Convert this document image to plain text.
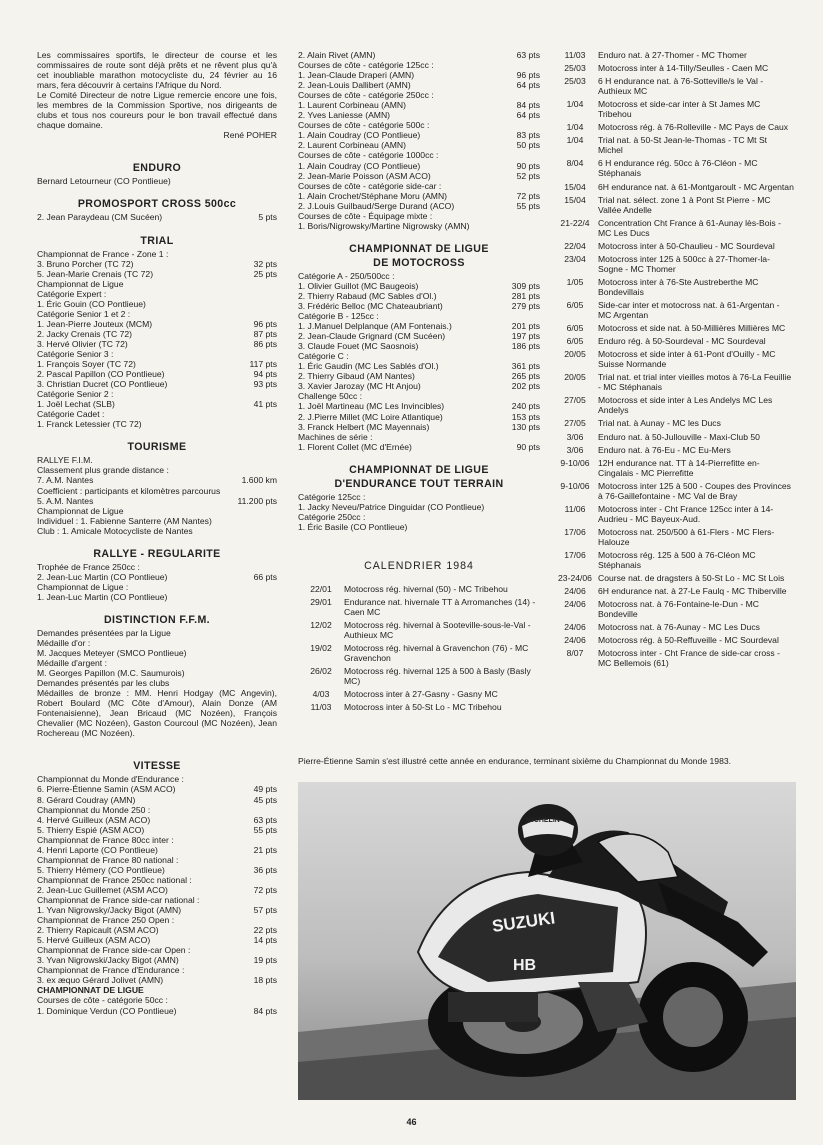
Les commissaires sportifs, le directeur de course et les commissaires de route sont déjà prêts et ne rêvent plus qu'à cet inoubliable marathon motocycliste du, 24 février au 16 mars, fera découvrir à certains l'Afrique du Nord.

Le Comité Directeur de notre Ligue remercie encore une fois, les membres de la Commission Sportive, nos dirigeants de clubs et tous nos coureurs pour le bon travail effectué dans chaque domaine.

René POHER

ENDURO
Bernard Letourneur (CO Pontlieue)
PROMOSPORT CROSS 500cc
2. Jean Paraydeau (CM Sucéen)	5 pts
TRIAL
Championnat de France - Zone 1 :
3. Bruno Porcher (TC 72)	32 pts
5. Jean-Marie Crenais (TC 72)	25 pts
Championnat de Ligue
Catégorie Expert :
1. Éric Gouin (CO Pontlieue)
Catégorie Senior 1 et 2 :
1. Jean-Pierre Jouteux (MCM)	96 pts
2. Jacky Crenais (TC 72)	87 pts
3. Hervé Olivier (TC 72)	86 pts
Catégorie Senior 3 :
1. François Soyer (TC 72)	117 pts
2. Pascal Papillon (CO Pontlieue)	94 pts
3. Christian Ducret (CO Pontlieue)	93 pts
Catégorie Senior 2 :
1. Joël Lechat (SLB)	41 pts
Catégorie Cadet :
1. Franck Letessier (TC 72)
TOURISME
RALLYE F.I.M.
Classement plus grande distance :
7. A.M. Nantes	1.600 km
Coefficient : participants et kilomètres parcourus
5. A.M. Nantes	11.200 pts
Championnat de Ligue
Individuel : 1. Fabienne Santerre (AM Nantes)
Club : 1. Amicale Motocycliste de Nantes
RALLYE - REGULARITE
Trophée de France 250cc :
2. Jean-Luc Martin (CO Pontlieue)	66 pts
Championnat de Ligue :
1. Jean-Luc Martin (CO Pontlieue)
DISTINCTION F.F.M.
Demandes présentées par la Ligue
Médaille d'or :
M. Jacques Meteyer (SMCO Pontlieue)
Médaille d'argent :
M. Georges Papillon (M.C. Saumurois)
Demandes présentés par les clubs

Médailles de bronze : MM. Henri Hodgay (MC Angevin), Robert Boulard (MC Côte d'Amour), Alain Donze (AM Fontenaisienne), Jean Bricaud (MC Nozéen), François Chevalier (MC Nozéen), Gaston Courcoul (MC Nozéen), Jean Rochereau (MC Nozéen).

VITESSE
Championnat du Monde d'Endurance :
6. Pierre-Étienne Samin (ASM ACO)	49 pts
8. Gérard Coudray (AMN)	45 pts
Championnat du Monde 250 :
4. Hervé Guilleux (ASM ACO)	63 pts
5. Thierry Espié (ASM ACO)	55 pts
Championnat de France 80cc inter :
4. Henri Laporte (CO Pontlieue)	21 pts
Championnat de France 80 national :
5. Thierry Hémery (CO Pontlieue)	36 pts
Championnat de France 250cc national :
2. Jean-Luc Guillemet (ASM ACO)	72 pts
Championnat de France side-car national :
1. Yvan Nigrowsky/Jacky Bigot (AMN)	57 pts
Championnat de France 250 Open :
2. Thierry Rapicault (ASM ACO)	22 pts
5. Hervé Guilleux (ASM ACO)	14 pts
Championnat de France side-car Open :
3. Yvan Nigrowski/Jacky Bigot (AMN)	19 pts
Championnat de France d'Endurance :
3. ex æquo Gérard Jolivet (AMN)	18 pts
CHAMPIONNAT DE LIGUE
Courses de côte - catégorie 50cc :
1. Dominique Verdun (CO Pontlieue)	84 pts
2. Alain Rivet (AMN)	63 pts
Courses de côte - catégorie 125cc :
1. Jean-Claude Draperi (AMN)	96 pts
2. Jean-Louis Dallibert (AMN)	64 pts
Courses de côte - catégorie 250cc :
1. Laurent Corbineau (AMN)	84 pts
2. Yves Laniesse (AMN)	64 pts
Courses de côte - catégorie 500c :
1. Alain Coudray (CO Pontlieue)	83 pts
2. Laurent Corbineau (AMN)	50 pts
Courses de côte - catégorie 1000cc :
1. Alain Coudray (CO Pontlieue)	90 pts
2. Jean-Marie Poisson (ASM ACO)	52 pts
Courses de côte - catégorie side-car :
1. Alain Crochet/Stéphane Moru (AMN)	72 pts
2. J.Louis Guilbaud/Serge Durand (ACO)	55 pts
Courses de côte - Équipage mixte :
1. Boris/Nigrowsky/Martine Nigrowsky (AMN)
CHAMPIONNAT DE LIGUE
DE MOTOCROSS
Catégorie A - 250/500cc :
1. Olivier Guillot (MC Baugeois)	309 pts
2. Thierry Rabaud (MC Sables d'Ol.)	281 pts
3. Frédéric Belloc (MC Chateaubriant)	279 pts
Catégorie B - 125cc :
1. J.Manuel Delplanque (AM Fontenais.)	201 pts
2. Jean-Claude Grignard (CM Sucéen)	197 pts
3. Claude Fouet (MC Saosnois)	186 pts
Catégorie C :
1. Éric Gaudin (MC Les Sablés d'Ol.)	361 pts
2. Thierry Gibaud (AM Nantes)	265 pts
3. Xavier Jarozay (MC Ht Anjou)	202 pts
Challenge 50cc :
1. Joël Martineau (MC Les Invincibles)	240 pts
2. J.Pierre Millet (MC Loire Atlantique)	153 pts
3. Franck Helbert (MC Mayennais)	130 pts
Machines de série :
1. Florent Collet (MC d'Ernée)	90 pts
CHAMPIONNAT DE LIGUE
D'ENDURANCE TOUT TERRAIN
Catégorie 125cc :
1. Jacky Neveu/Patrice Dinguidar (CO Pontlieue)
Catégorie 250cc :
1. Éric Basile (CO Pontlieue)
CALENDRIER 1984
22/01	Motocross rég. hivernal (50) - MC Tribehou
29/01	Endurance nat. hivernale TT à Arromanches (14) - Caen MC
12/02	Motocross rég. hivernal à Sooteville-sous-le-Val - Authieux MC
19/02	Motocross rég. hivernal à Gravenchon (76) - MC Gravenchon
26/02	Motocross rég. hivernal 125 à 500 à Basly (Basly MC)
4/03	Motocross inter à 27-Gasny - Gasny MC
11/03	Motocross inter à 50-St Lo - MC Tribehou
11/03	Enduro nat. à 27-Thomer - MC Thomer
25/03	Motocross inter à 14-Tilly/Seulles - Caen MC
25/03	6 H endurance nat. à 76-Sotteville/s le Val - Authieux MC
1/04	Motocross et side-car inter à St James MC Tribehou
1/04	Motocross rég. à 76-Rolleville - MC Pays de Caux
1/04	Trial nat. à 50-St Jean-le-Thomas - TC Mt St Michel
8/04	6 H endurance rég. 50cc à 76-Cléon - MC Stéphanais
15/04	6H endurance nat. à 61-Montgaroult - MC Argentan
15/04	Trial nat. sélect. zone 1 à Pont St Pierre - MC Vallée Andelle
21-22/4 Concentration Cht France à 61-Aunay lès-Bois - MC Les Ducs
22/04	Motocross inter à 50-Chaulieu - MC Sourdeval
23/04	Motocross inter 125 à 500cc à 27-Thomer-la-Sogne - MC Thomer
1/05	Motocross inter à 76-Ste Austreberthe MC Bondevillais
6/05	Side-car inter et motocross nat. à 61-Argentan - MC Argentan
6/05	Motocross et side nat. à 50-Millières Millières MC
6/05	Enduro rég. à 50-Sourdeval - MC Sourdeval
20/05	Motocross et side inter à 61-Pont d'Ouilly - MC Suisse Normande
20/05	Trial nat. et trial inter vieilles motos à 76-La Feuillie - MC Stéphanais
27/05	Motocross et side inter à Les Andelys MC Les Andelys
27/05	Trial nat. à Aunay - MC les Ducs
3/06	Enduro nat. à 50-Jullouville - Maxi-Club 50
3/06	Enduro nat. à 76-Eu - MC Eu-Mers
9-10/06 12H endurance nat. TT à 14-Pierrefitte en-Cingalais - MC Pierrefitte
9-10/06 Motocross inter 125 à 500 - Coupes des Provinces à 76-Gaillefontaine - MC Val de Bray
11/06	Motocross inter - Cht France 125cc inter à 14-Audrieu - MC Bayeux-Aud.
17/06	Motocross nat. 250/500 à 61-Flers - MC Flers-Halouze
17/06	Motocross rég. 125 à 500 à 76-Cléon MC Stéphanais
23-24/06 Course nat. de dragsters à 50-St Lo - MC St Lois
24/06	6H endurance nat. à 27-Le Faulq - MC Thiberville
24/06	Motocross nat. à 76-Fontaine-le-Dun - MC Bondeville
24/06	Motocross nat. à 76-Aunay - MC Les Ducs
24/06	Motocross rég. à 50-Reffuveille - MC Sourdeval
8/07	Motocross inter - Cht France de side-car cross - MC Bellemois (61)
Pierre-Étienne Samin s'est illustré cette année en endurance, terminant sixième du Championnat du Monde 1983.
SUZUKI
HB
MICHELIN
46
